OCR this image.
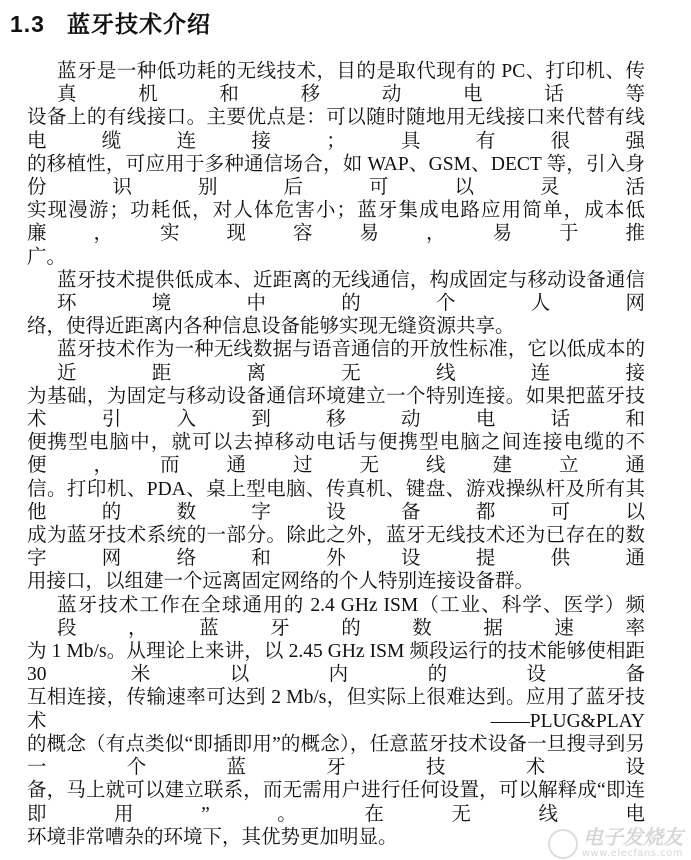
1.3 蓝牙技术介绍
蓝牙是一种低功耗的无线技术，目的是取代现有的 PC、打印机、传真机和移动电话等
设备上的有线接口。主要优点是：可以随时随地用无线接口来代替有线电缆连接；具有很强
的移植性，可应用于多种通信场合，如 WAP、GSM、DECT 等，引入身份识别后可以灵活
实现漫游；功耗低，对人体危害小；蓝牙集成电路应用简单，成本低廉，实现容易，易于推
广。
蓝牙技术提供低成本、近距离的无线通信，构成固定与移动设备通信环境中的个人网
络，使得近距离内各种信息设备能够实现无缝资源共享。
蓝牙技术作为一种无线数据与语音通信的开放性标准，它以低成本的近距离无线连接
为基础，为固定与移动设备通信环境建立一个特别连接。如果把蓝牙技术引入到移动电话和
便携型电脑中，就可以去掉移动电话与便携型电脑之间连接电缆的不便，而通过无线建立通
信。打印机、PDA、桌上型电脑、传真机、键盘、游戏操纵杆及所有其他的数字设备都可以
成为蓝牙技术系统的一部分。除此之外，蓝牙无线技术还为已存在的数字网络和外设提供通
用接口，以组建一个远离固定网络的个人特别连接设备群。
蓝牙技术工作在全球通用的 2.4 GHz ISM（工业、科学、医学）频段，蓝牙的数据速率
为 1 Mb/s。从理论上来讲，以 2.45 GHz ISM 频段运行的技术能够使相距 30 米以内的设备
互相连接，传输速率可达到 2 Mb/s，但实际上很难达到。应用了蓝牙技术——PLUG&PLAY
的概念（有点类似“即插即用”的概念），任意蓝牙技术设备一旦搜寻到另一个蓝牙技术设
备，马上就可以建立联系，而无需用户进行任何设置，可以解释成“即连即用”。在无线电
环境非常嘈杂的环境下，其优势更加明显。	电子发烧友
www.elecfans.com
